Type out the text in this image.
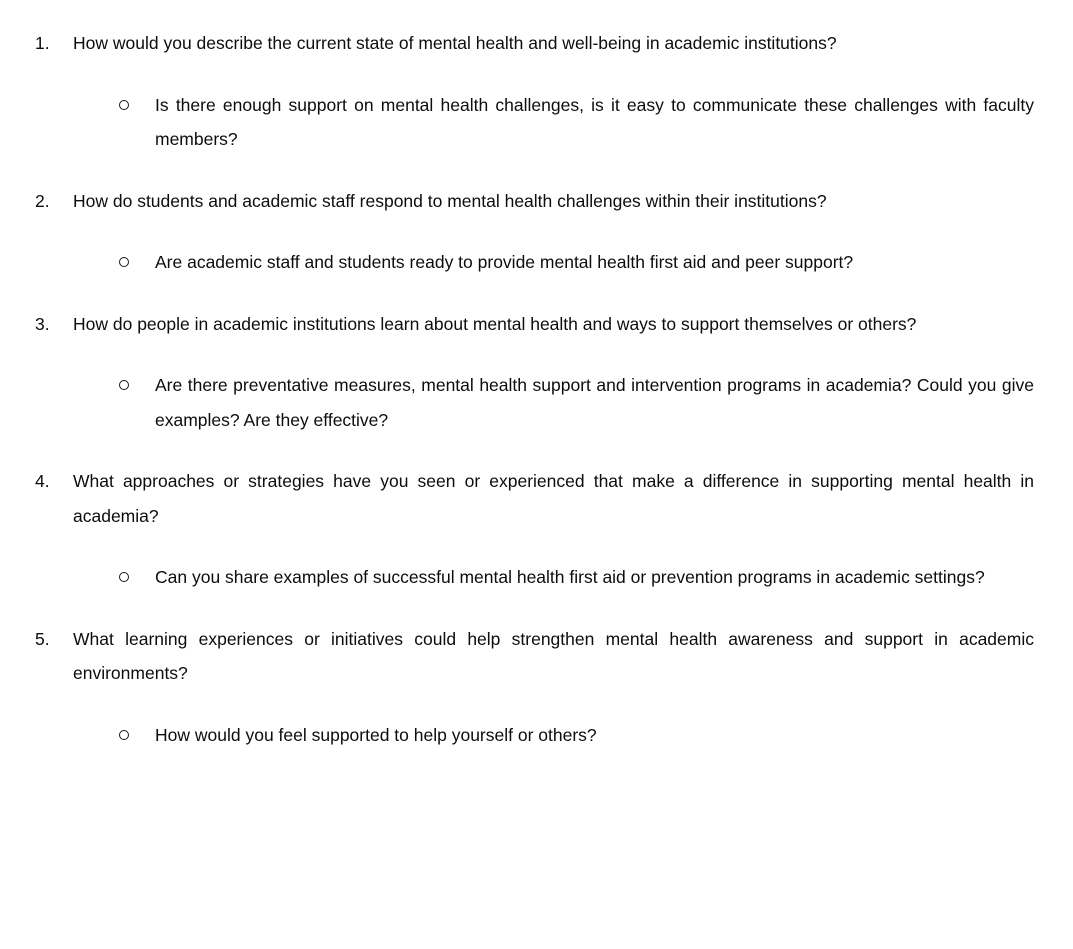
1.	How would you describe the current state of mental health and well-being in academic institutions?
Is there enough support on mental health challenges, is it easy to communicate these challenges with faculty members?
2.	How do students and academic staff respond to mental health challenges within their institutions?
Are academic staff and students ready to provide mental health first aid and peer support?
3.	How do people in academic institutions learn about mental health and ways to support themselves or others?
Are there preventative measures, mental health support and intervention programs in academia? Could you give examples? Are they effective?
4.	What approaches or strategies have you seen or experienced that make a difference in supporting mental health in academia?
Can you share examples of successful mental health first aid or prevention programs in academic settings?
5.	What learning experiences or initiatives could help strengthen mental health awareness and support in academic environments?
How would you feel supported to help yourself or others?
